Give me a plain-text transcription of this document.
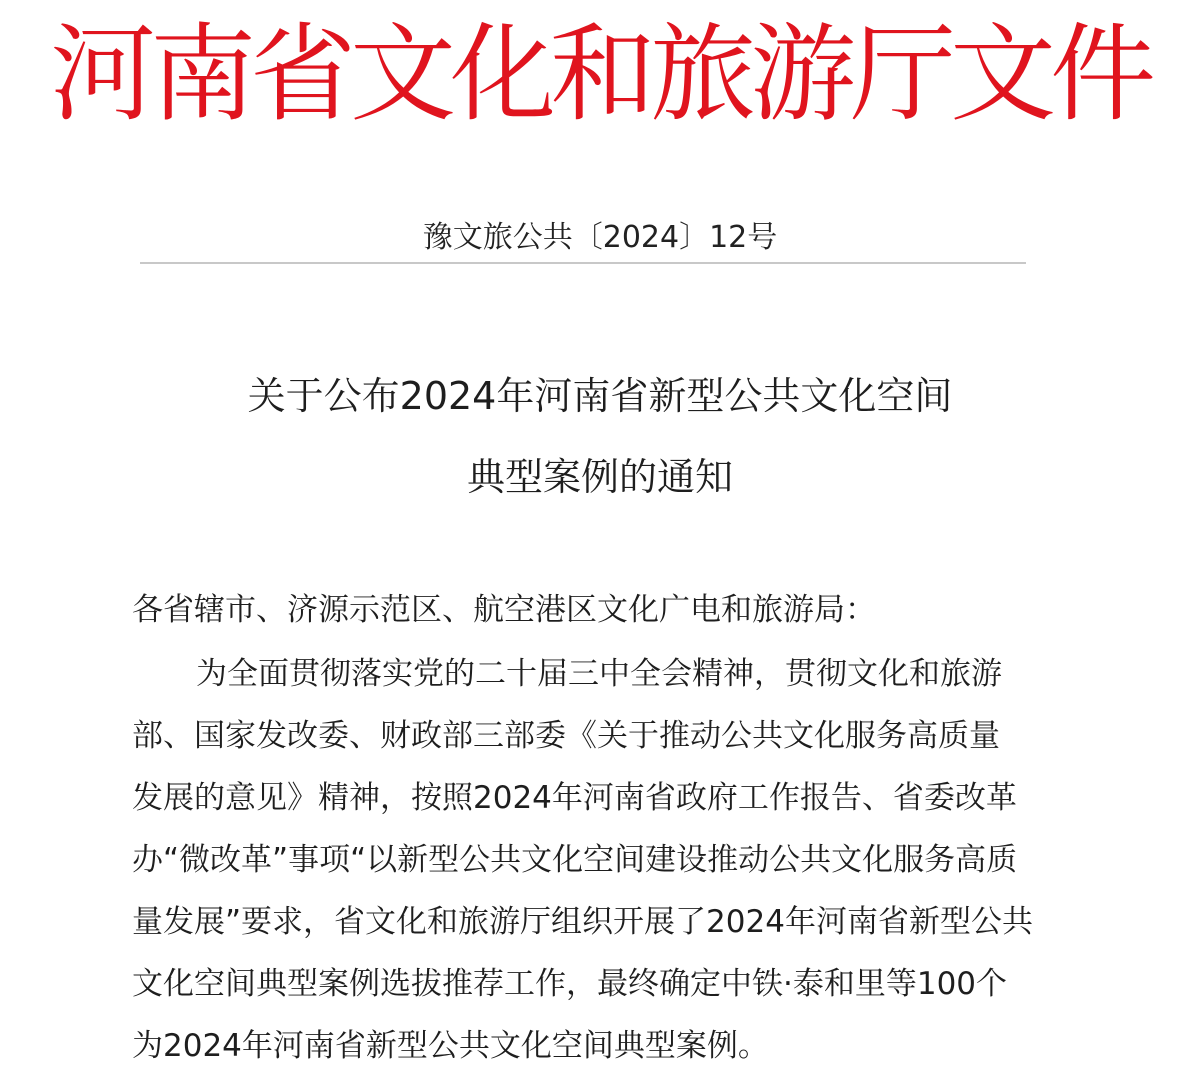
河南省文化和旅游厅文件
豫文旅公共〔2024〕12号
关于公布2024年河南省新型公共文化空间
典型案例的通知
各省辖市、济源示范区、航空港区文化广电和旅游局：
为全面贯彻落实党的二十届三中全会精神，贯彻文化和旅游
部、国家发改委、财政部三部委《关于推动公共文化服务高质量
发展的意见》精神，按照2024年河南省政府工作报告、省委改革
办“微改革”事项“以新型公共文化空间建设推动公共文化服务高质
量发展”要求，省文化和旅游厅组织开展了2024年河南省新型公共
文化空间典型案例选拔推荐工作，最终确定中铁·泰和里等100个
为2024年河南省新型公共文化空间典型案例。
